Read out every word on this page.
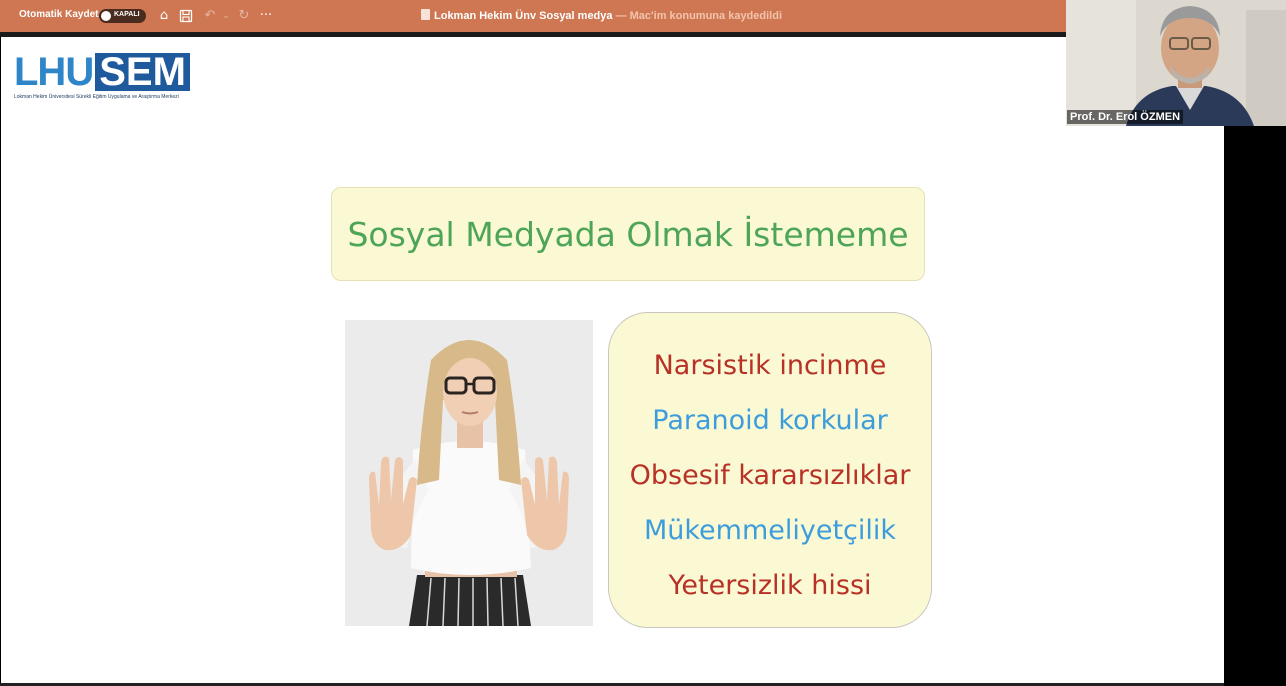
Otomatik Kaydet KAPALI ⌂	↶ ⌄ ↻ ···	Lokman Hekim Ünv Sosyal medya — Mac'im konumuna kaydedildi
LHU SEM
Lokman Hekim Üniversitesi Sürekli Eğitim Uygulama ve Araştırma Merkezi
Sosyal Medyada Olmak İstememe
Narsistik incinme
Paranoid korkular
Obsesif kararsızlıklar
Mükemmeliyetçilik
Yetersizlik hissi
Prof. Dr. Erol ÖZMEN
